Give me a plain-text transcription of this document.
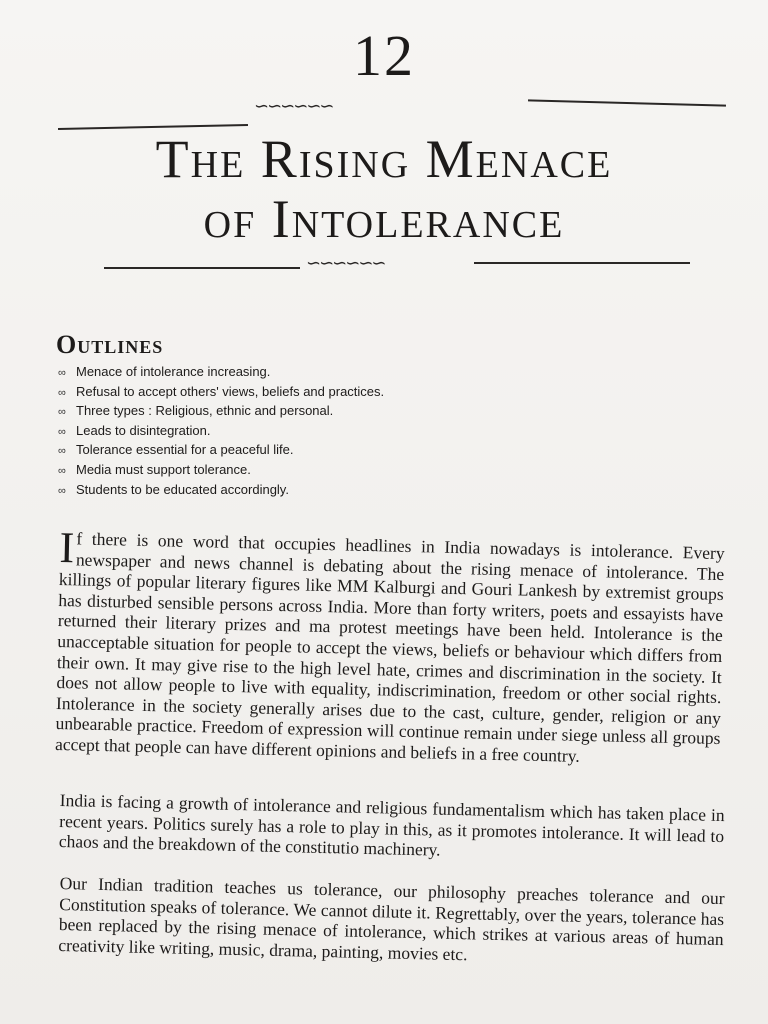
12
∽∽∽∽∽∽
The Rising Menace
of Intolerance
∽∽∽∽∽∽
Outlines
∞ Menace of intolerance increasing.
∞ Refusal to accept others' views, beliefs and practices.
∞ Three types : Religious, ethnic and personal.
∞ Leads to disintegration.
∞ Tolerance essential for a peaceful life.
∞ Media must support tolerance.
∞ Students to be educated accordingly.
If there is one word that occupies headlines in India nowadays is intolerance. Every newspaper and news channel is debating about the rising menace of intolerance. The killings of popular literary figures like MM Kalburgi and Gouri Lankesh by extremist groups has disturbed sensible persons across India. More than forty writers, poets and essayists have returned their literary prizes and ma protest meetings have been held. Intolerance is the unacceptable situation for people to accept the views, beliefs or behaviour which differs from their own. It may give rise to the high level hate, crimes and discrimination in the society. It does not allow people to live with equality, indiscrimination, freedom or other social rights. Intolerance in the society generally arises due to the cast, culture, gender, religion or any unbearable practice. Freedom of expression will continue remain under siege unless all groups accept that people can have different opinions and beliefs in a free country.
India is facing a growth of intolerance and religious fundamentalism which has taken place in recent years. Politics surely has a role to play in this, as it promotes intolerance. It will lead to chaos and the breakdown of the constitutio machinery.
Our Indian tradition teaches us tolerance, our philosophy preaches tolerance and our Constitution speaks of tolerance. We cannot dilute it. Regrettably, over the years, tolerance has been replaced by the rising menace of intolerance, which strikes at various areas of human creativity like writing, music, drama, painting, movies etc.
